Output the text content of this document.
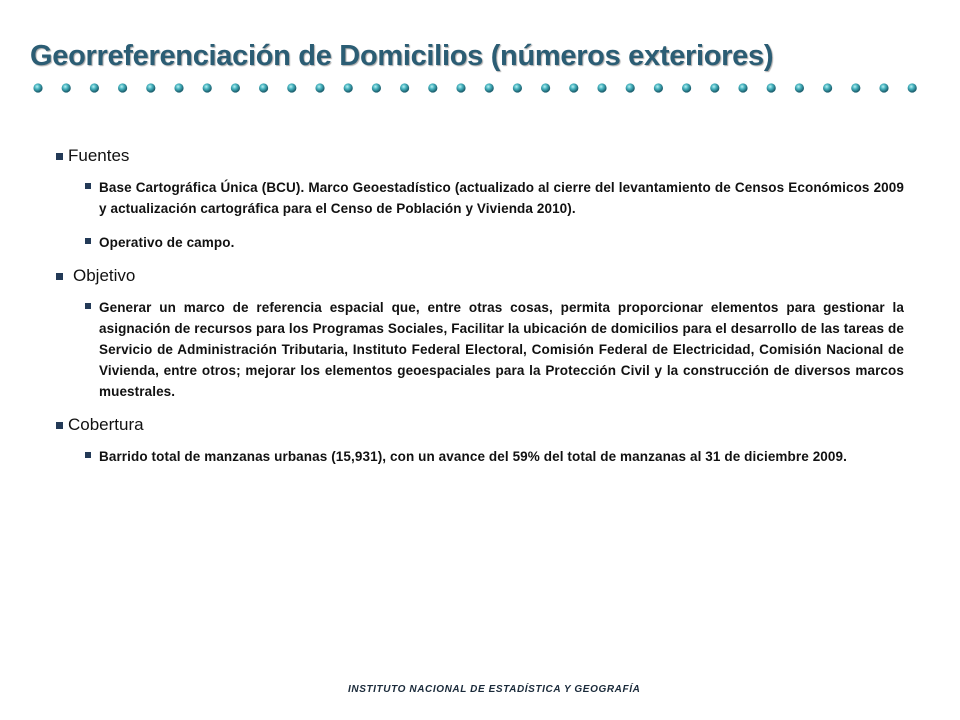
Georreferenciación de Domicilios (números exteriores)
Fuentes
Base Cartográfica Única (BCU). Marco Geoestadístico (actualizado al cierre del levantamiento de Censos Económicos 2009 y actualización cartográfica para el Censo de Población y Vivienda 2010).
Operativo de campo.
Objetivo
Generar un marco de referencia espacial que, entre otras cosas, permita proporcionar elementos para gestionar la asignación de recursos para los Programas Sociales, Facilitar la ubicación de domicilios para el desarrollo de las tareas de Servicio de Administración Tributaria, Instituto Federal Electoral, Comisión Federal de Electricidad, Comisión Nacional de Vivienda, entre otros; mejorar los elementos geoespaciales para la Protección Civil y la construcción de diversos marcos muestrales.
Cobertura
Barrido total de manzanas urbanas (15,931), con un avance del 59% del total de manzanas al 31 de diciembre 2009.
INSTITUTO NACIONAL DE ESTADÍSTICA Y GEOGRAFÍA
